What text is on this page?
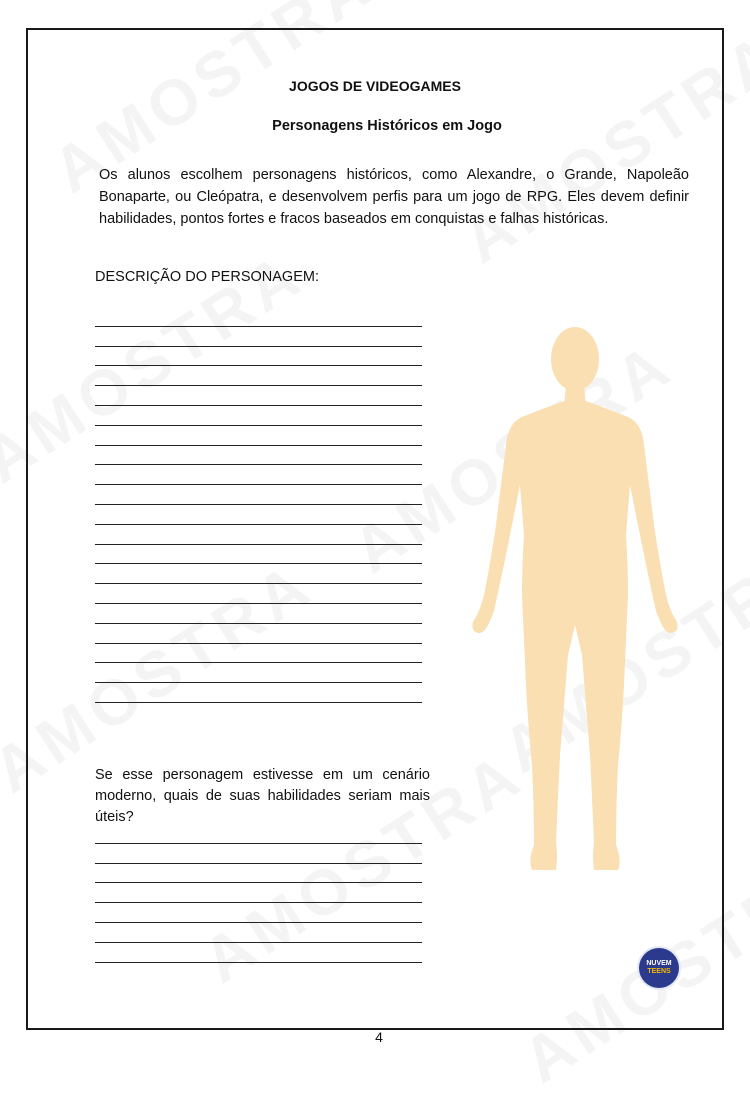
JOGOS DE VIDEOGAMES
Personagens Históricos em Jogo
Os alunos escolhem personagens históricos, como Alexandre, o Grande, Napoleão Bonaparte, ou Cleópatra, e desenvolvem perfis para um jogo de RPG. Eles devem definir habilidades, pontos fortes e fracos baseados em conquistas e falhas históricas.
DESCRIÇÃO DO PERSONAGEM:
Se esse personagem estivesse em um cenário moderno, quais de suas habilidades seriam mais úteis?
NUVEM
TEENS
4
